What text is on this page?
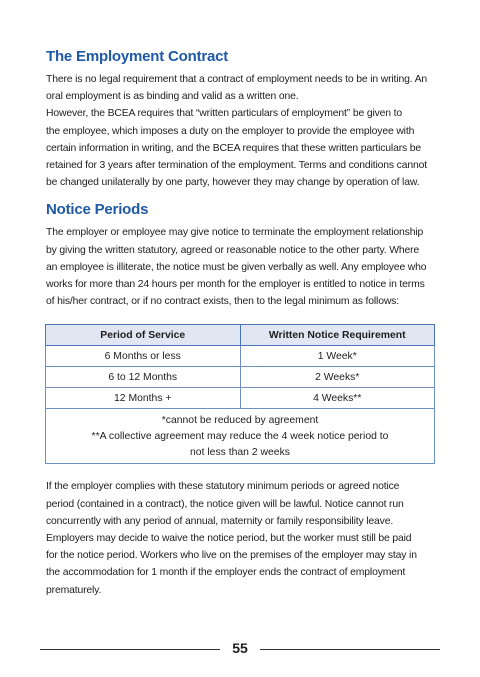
The Employment Contract

There is no legal requirement that a contract of employment needs to be in writing. An
oral employment is as binding and valid as a written one.
However, the BCEA requires that “written particulars of employment” be given to
the employee, which imposes a duty on the employer to provide the employee with
certain information in writing, and the BCEA requires that these written particulars be
retained for 3 years after termination of the employment. Terms and conditions cannot
be changed unilaterally by one party, however they may change by operation of law.

Notice Periods

The employer or employee may give notice to terminate the employment relationship
by giving the written statutory, agreed or reasonable notice to the other party. Where
an employee is illiterate, the notice must be given verbally as well. Any employee who
works for more than 24 hours per month for the employer is entitled to notice in terms
of his/her contract, or if no contract exists, then to the legal minimum as follows:

Period of Service	Written Notice Requirement
6 Months or less	1 Week*
6 to 12 Months	2 Weeks*
12 Months +	4 Weeks**
*cannot be reduced by agreement
**A collective agreement may reduce the 4 week notice period to
not less than 2 weeks	

If the employer complies with these statutory minimum periods or agreed notice
period (contained in a contract), the notice given will be lawful. Notice cannot run
concurrently with any period of annual, maternity or family responsibility leave.
Employers may decide to waive the notice period, but the worker must still be paid
for the notice period. Workers who live on the premises of the employer may stay in
the accommodation for 1 month if the employer ends the contract of employment
prematurely.

55
